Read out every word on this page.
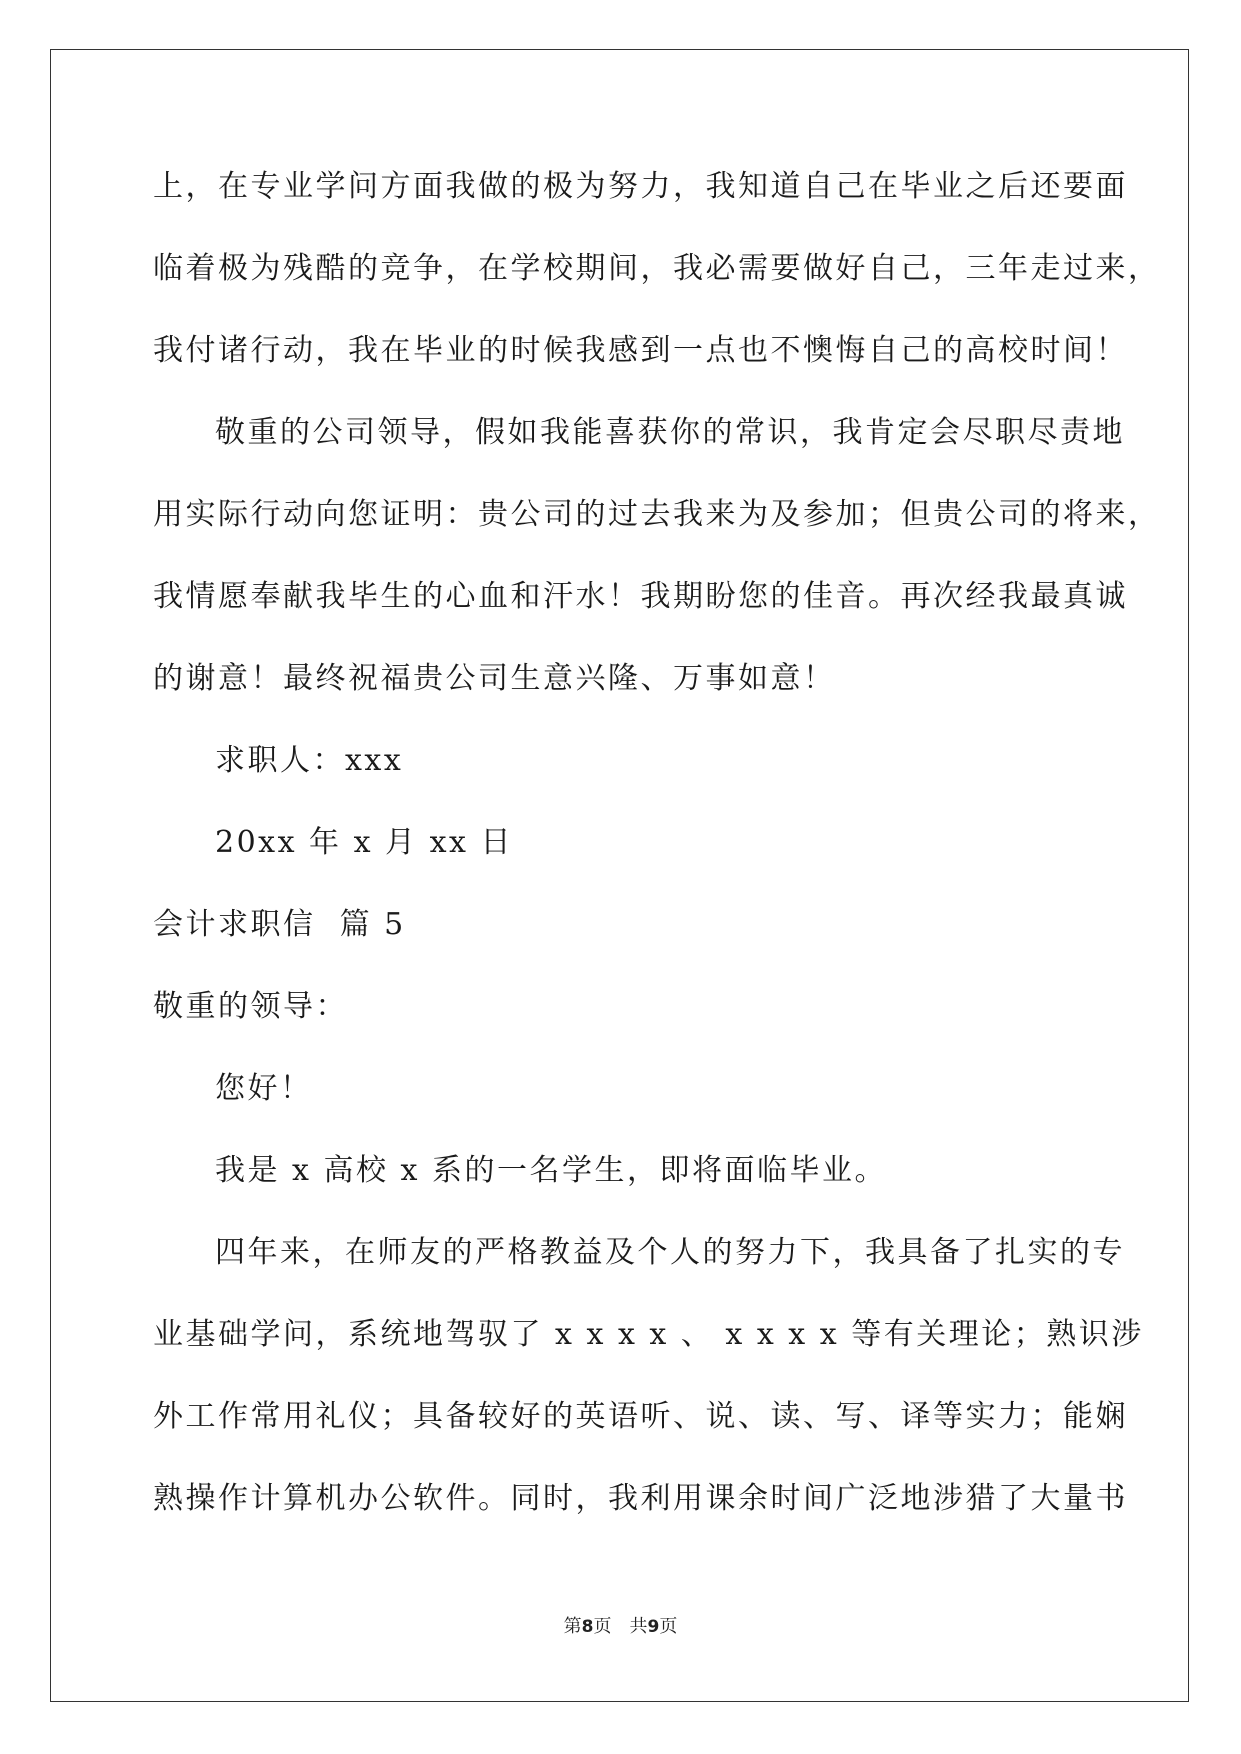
上，在专业学问方面我做的极为努力，我知道自己在毕业之后还要面
临着极为残酷的竞争，在学校期间，我必需要做好自己，三年走过来，
我付诸行动，我在毕业的时候我感到一点也不懊悔自己的高校时间！
敬重的公司领导，假如我能喜获你的常识，我肯定会尽职尽责地
用实际行动向您证明：贵公司的过去我来为及参加；但贵公司的将来，
我情愿奉献我毕生的心血和汗水！我期盼您的佳音。再次经我最真诚
的谢意！最终祝福贵公司生意兴隆、万事如意！
求职人：xxx
20xx 年 x 月 xx 日
会计求职信  篇 5
敬重的领导：
您好！
我是 x 高校 x 系的一名学生，即将面临毕业。
四年来，在师友的严格教益及个人的努力下，我具备了扎实的专
业基础学问，系统地驾驭了 x x x x 、 x x x x 等有关理论；熟识涉
外工作常用礼仪；具备较好的英语听、说、读、写、译等实力；能娴
熟操作计算机办公软件。同时，我利用课余时间广泛地涉猎了大量书
第8页 共9页
